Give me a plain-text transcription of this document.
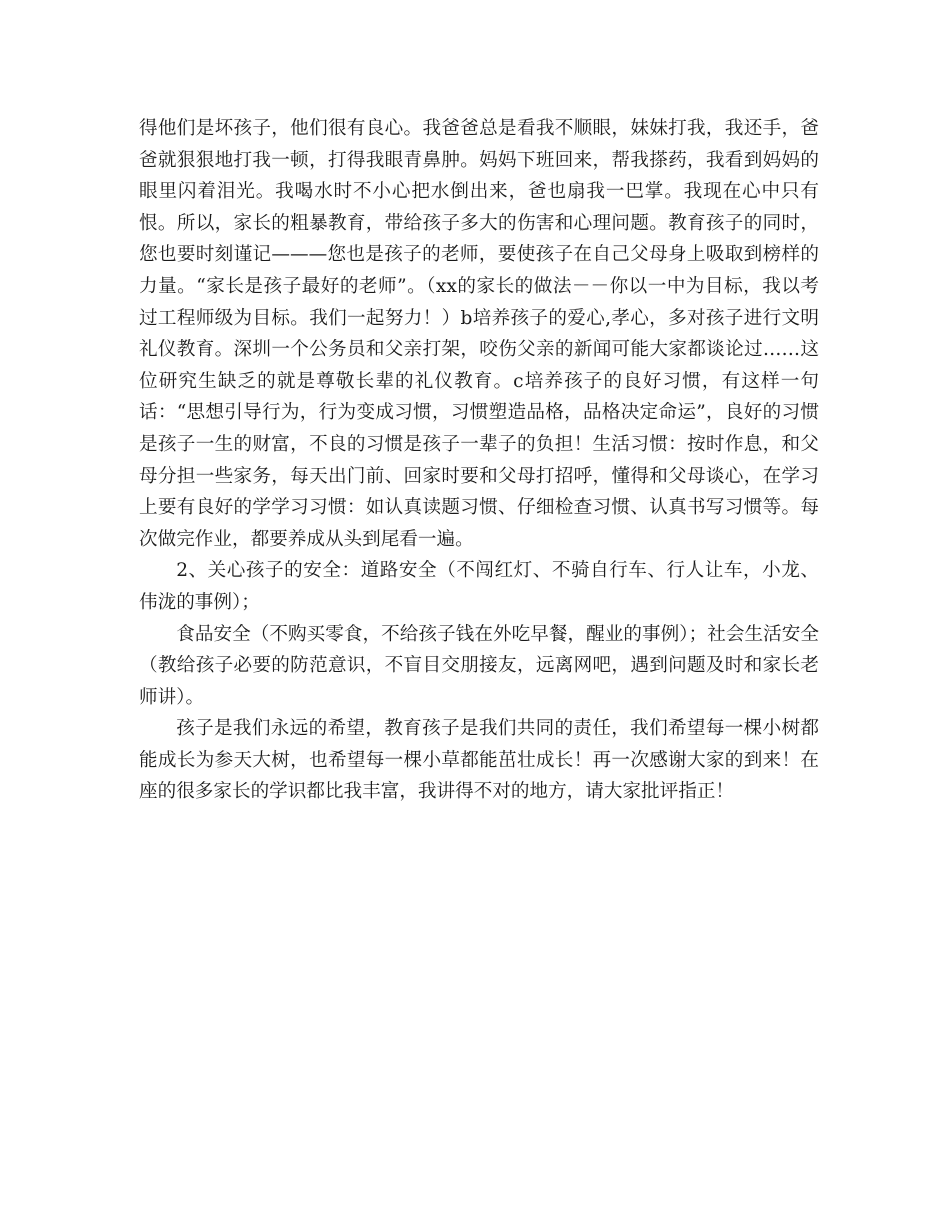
得他们是坏孩子，他们很有良心。我爸爸总是看我不顺眼，妹妹打我，我还手，爸爸就狠狠地打我一顿，打得我眼青鼻肿。妈妈下班回来，帮我搽药，我看到妈妈的眼里闪着泪光。我喝水时不小心把水倒出来，爸也扇我一巴掌。我现在心中只有恨。所以，家长的粗暴教育，带给孩子多大的伤害和心理问题。教育孩子的同时，您也要时刻谨记———您也是孩子的老师，要使孩子在自己父母身上吸取到榜样的力量。“家长是孩子最好的老师”。（xx的家长的做法－－你以一中为目标，我以考过工程师级为目标。我们一起努力！）b培养孩子的爱心,孝心，多对孩子进行文明礼仪教育。深圳一个公务员和父亲打架，咬伤父亲的新闻可能大家都谈论过……这位研究生缺乏的就是尊敬长辈的礼仪教育。c培养孩子的良好习惯，有这样一句话：“思想引导行为，行为变成习惯，习惯塑造品格，品格决定命运”，良好的习惯是孩子一生的财富，不良的习惯是孩子一辈子的负担！生活习惯：按时作息，和父母分担一些家务，每天出门前、回家时要和父母打招呼，懂得和父母谈心，在学习上要有良好的学学习习惯：如认真读题习惯、仔细检查习惯、认真书写习惯等。每次做完作业，都要养成从头到尾看一遍。

2、关心孩子的安全：道路安全（不闯红灯、不骑自行车、行人让车，小龙、伟泷的事例）；

食品安全（不购买零食，不给孩子钱在外吃早餐，醒业的事例）；社会生活安全（教给孩子必要的防范意识，不盲目交朋接友，远离网吧，遇到问题及时和家长老师讲）。

孩子是我们永远的希望，教育孩子是我们共同的责任，我们希望每一棵小树都能成长为参天大树，也希望每一棵小草都能茁壮成长！再一次感谢大家的到来！在座的很多家长的学识都比我丰富，我讲得不对的地方，请大家批评指正！
